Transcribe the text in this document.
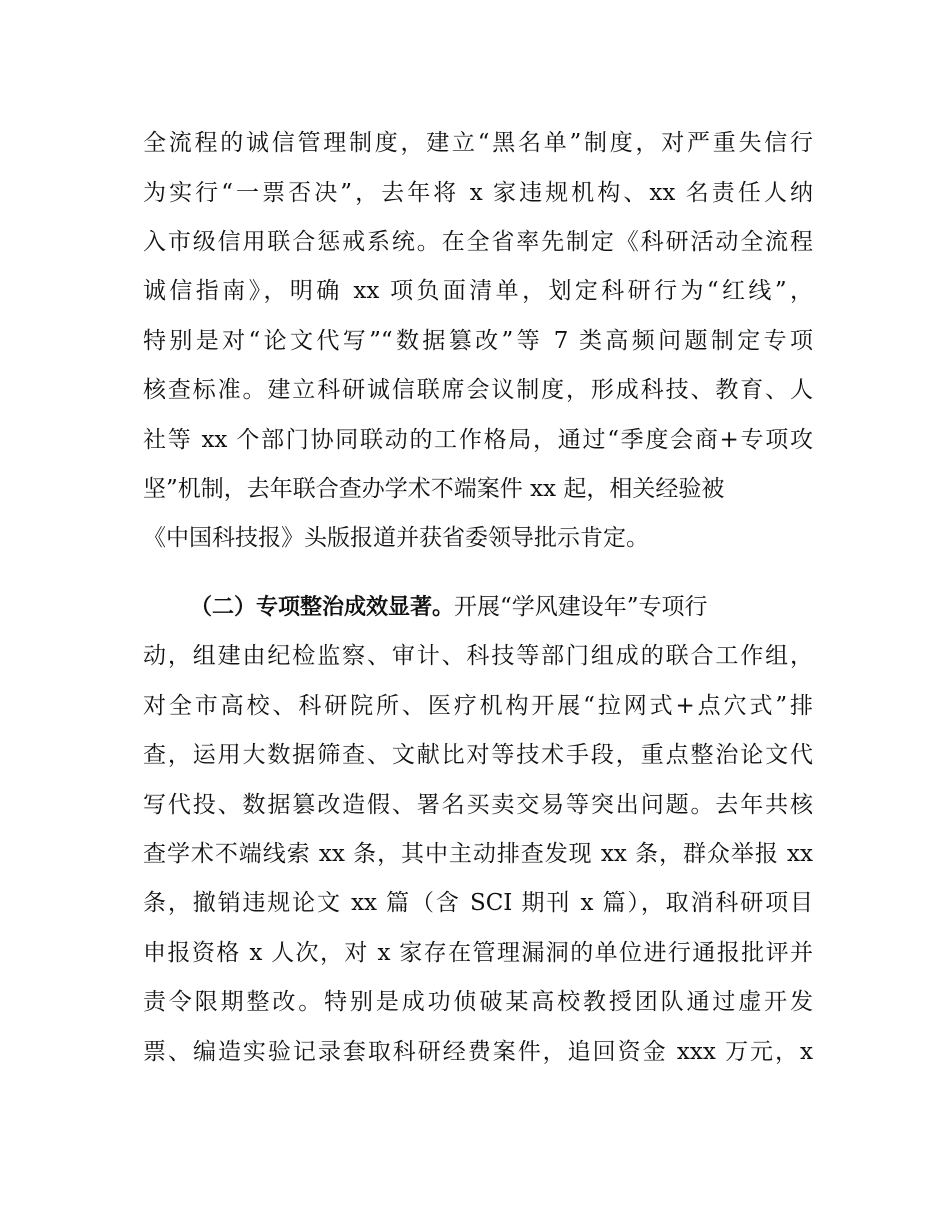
全流程的诚信管理制度，建立“黑名单”制度，对严重失信行
为实行“一票否决”，去年将 x 家违规机构、xx 名责任人纳
入市级信用联合惩戒系统。在全省率先制定《科研活动全流程
诚信指南》，明确 xx 项负面清单，划定科研行为“红线”，
特别是对“论文代写”“数据篡改”等 7 类高频问题制定专项
核查标准。建立科研诚信联席会议制度，形成科技、教育、人
社等 xx 个部门协同联动的工作格局，通过“季度会商+专项攻
坚”机制，去年联合查办学术不端案件 xx 起，相关经验被
《中国科技报》头版报道并获省委领导批示肯定。
（二）专项整治成效显著。开展“学风建设年”专项行
动，组建由纪检监察、审计、科技等部门组成的联合工作组，
对全市高校、科研院所、医疗机构开展“拉网式+点穴式”排
查，运用大数据筛查、文献比对等技术手段，重点整治论文代
写代投、数据篡改造假、署名买卖交易等突出问题。去年共核
查学术不端线索 xx 条，其中主动排查发现 xx 条，群众举报 xx
条，撤销违规论文 xx 篇（含 SCI 期刊 x 篇），取消科研项目
申报资格 x 人次，对 x 家存在管理漏洞的单位进行通报批评并
责令限期整改。特别是成功侦破某高校教授团队通过虚开发
票、编造实验记录套取科研经费案件，追回资金 xxx 万元，x
